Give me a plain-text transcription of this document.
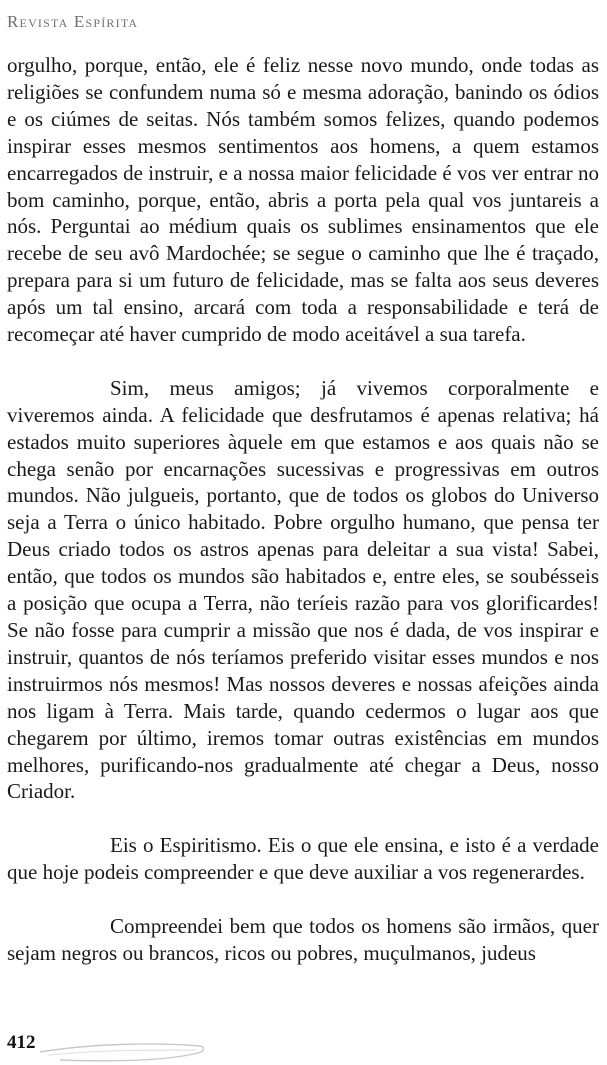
Revista Espírita

orgulho, porque, então, ele é feliz nesse novo mundo, onde todas as religiões se confundem numa só e mesma adoração, banindo os ódios e os ciúmes de seitas. Nós também somos felizes, quando podemos inspirar esses mesmos sentimentos aos homens, a quem estamos encarregados de instruir, e a nossa maior felicidade é vos ver entrar no bom caminho, porque, então, abris a porta pela qual vos juntareis a nós. Perguntai ao médium quais os sublimes ensinamentos que ele recebe de seu avô Mardochée; se segue o caminho que lhe é traçado, prepara para si um futuro de felicidade, mas se falta aos seus deveres após um tal ensino, arcará com toda a responsabilidade e terá de recomeçar até haver cumprido de modo aceitável a sua tarefa.

Sim, meus amigos; já vivemos corporalmente e viveremos ainda. A felicidade que desfrutamos é apenas relativa; há estados muito superiores àquele em que estamos e aos quais não se chega senão por encarnações sucessivas e progressivas em outros mundos. Não julgueis, portanto, que de todos os globos do Universo seja a Terra o único habitado. Pobre orgulho humano, que pensa ter Deus criado todos os astros apenas para deleitar a sua vista! Sabei, então, que todos os mundos são habitados e, entre eles, se soubésseis a posição que ocupa a Terra, não teríeis razão para vos glorificardes! Se não fosse para cumprir a missão que nos é dada, de vos inspirar e instruir, quantos de nós teríamos preferido visitar esses mundos e nos instruirmos nós mesmos! Mas nossos deveres e nossas afeições ainda nos ligam à Terra. Mais tarde, quando cedermos o lugar aos que chegarem por último, iremos tomar outras existências em mundos melhores, purificando-nos gradualmente até chegar a Deus, nosso Criador.

Eis o Espiritismo. Eis o que ele ensina, e isto é a verdade que hoje podeis compreender e que deve auxiliar a vos regenerardes.

Compreendei bem que todos os homens são irmãos, quer sejam negros ou brancos, ricos ou pobres, muçulmanos, judeus

412
